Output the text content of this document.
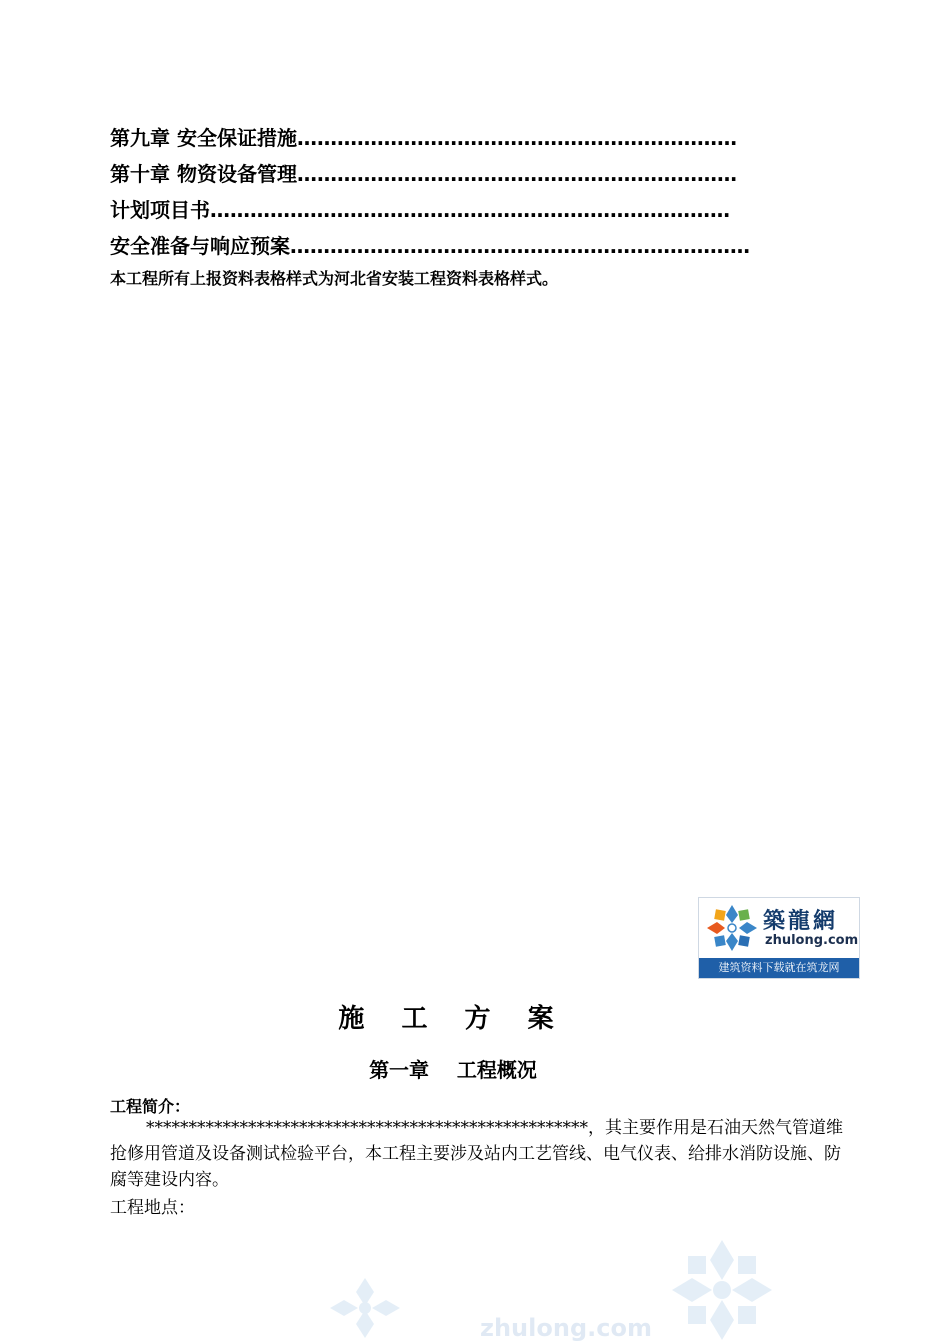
第九章 安全保证措施…………………………………………………………
第十章 物资设备管理…………………………………………………………
计划项目书……………………………………………………………………
安全准备与响应预案……………………………………………………………
本工程所有上报资料表格样式为河北省安装工程资料表格样式。
築龍網
zhulong.com
建筑资料下载就在筑龙网
施 工 方 案
第一章    工程概况
工程简介：
****************************************************，其主要作用是石油天然气管道维抢修用管道及设备测试检验平台，本工程主要涉及站内工艺管线、电气仪表、给排水消防设施、防腐等建设内容。
工程地点：
zhulong.com
